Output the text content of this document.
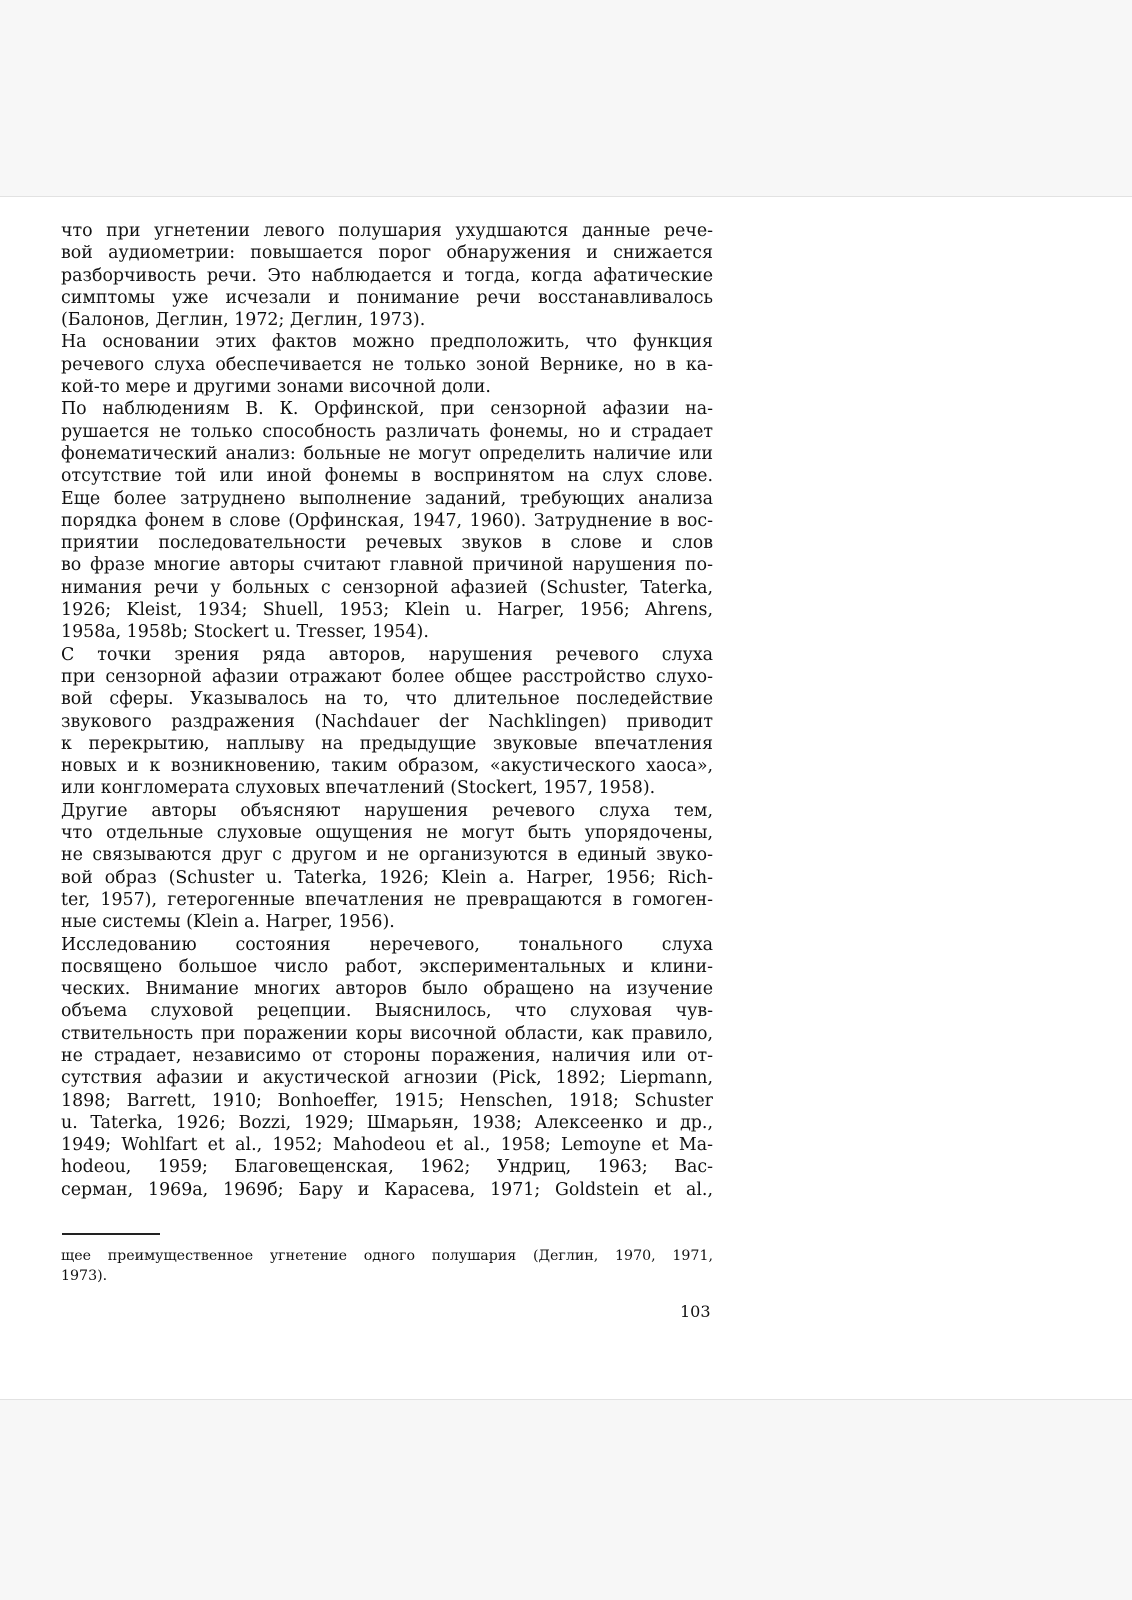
что при угнетении левого полушария ухудшаются данные рече-
вой аудиометрии: повышается порог обнаружения и снижается
разборчивость речи. Это наблюдается и тогда, когда афатические
симптомы уже исчезали и понимание речи восстанавливалось
(Балонов, Деглин, 1972; Деглин, 1973).
На основании этих фактов можно предположить, что функция
речевого слуха обеспечивается не только зоной Вернике, но в ка-
кой-то мере и другими зонами височной доли.
По наблюдениям В. К. Орфинской, при сензорной афазии на-
рушается не только способность различать фонемы, но и страдает
фонематический анализ: больные не могут определить наличие или
отсутствие той или иной фонемы в воспринятом на слух слове.
Еще более затруднено выполнение заданий, требующих анализа
порядка фонем в слове (Орфинская, 1947, 1960). Затруднение в вос-
приятии последовательности речевых звуков в слове и слов
во фразе многие авторы считают главной причиной нарушения по-
нимания речи у больных с сензорной афазией (Schuster, Taterka,
1926; Kleist, 1934; Shuell, 1953; Klein u. Harper, 1956; Ahrens,
1958a, 1958b; Stockert u. Tresser, 1954).
С точки зрения ряда авторов, нарушения речевого слуха
при сензорной афазии отражают более общее расстройство слухо-
вой сферы. Указывалось на то, что длительное последействие
звукового раздражения (Nachdauer der Nachklingen) приводит
к перекрытию, наплыву на предыдущие звуковые впечатления
новых и к возникновению, таким образом, «акустического хаоса»,
или конгломерата слуховых впечатлений (Stockert, 1957, 1958).
Другие авторы объясняют нарушения речевого слуха тем,
что отдельные слуховые ощущения не могут быть упорядочены,
не связываются друг с другом и не организуются в единый звуко-
вой образ (Schuster u. Taterka, 1926; Klein a. Harper, 1956; Rich-
ter, 1957), гетерогенные впечатления не превращаются в гомоген-
ные системы (Klein a. Harper, 1956).
Исследованию состояния неречевого, тонального слуха
посвящено большое число работ, экспериментальных и клини-
ческих. Внимание многих авторов было обращено на изучение
объема слуховой рецепции. Выяснилось, что слуховая чув-
ствительность при поражении коры височной области, как правило,
не страдает, независимо от стороны поражения, наличия или от-
сутствия афазии и акустической агнозии (Pick, 1892; Liepmann,
1898; Barrett, 1910; Bonhoeffer, 1915; Henschen, 1918; Schuster
u. Taterka, 1926; Bozzi, 1929; Шмарьян, 1938; Алексеенко и др.,
1949; Wohlfart et al., 1952; Mahodeou et al., 1958; Lemoyne et Ma-
hodeou, 1959; Благовещенская, 1962; Ундриц, 1963; Вас-
серман, 1969а, 1969б; Бару и Карасева, 1971; Goldstein et al.,
щее преимущественное угнетение одного полушария (Деглин, 1970, 1971,
1973).
103
